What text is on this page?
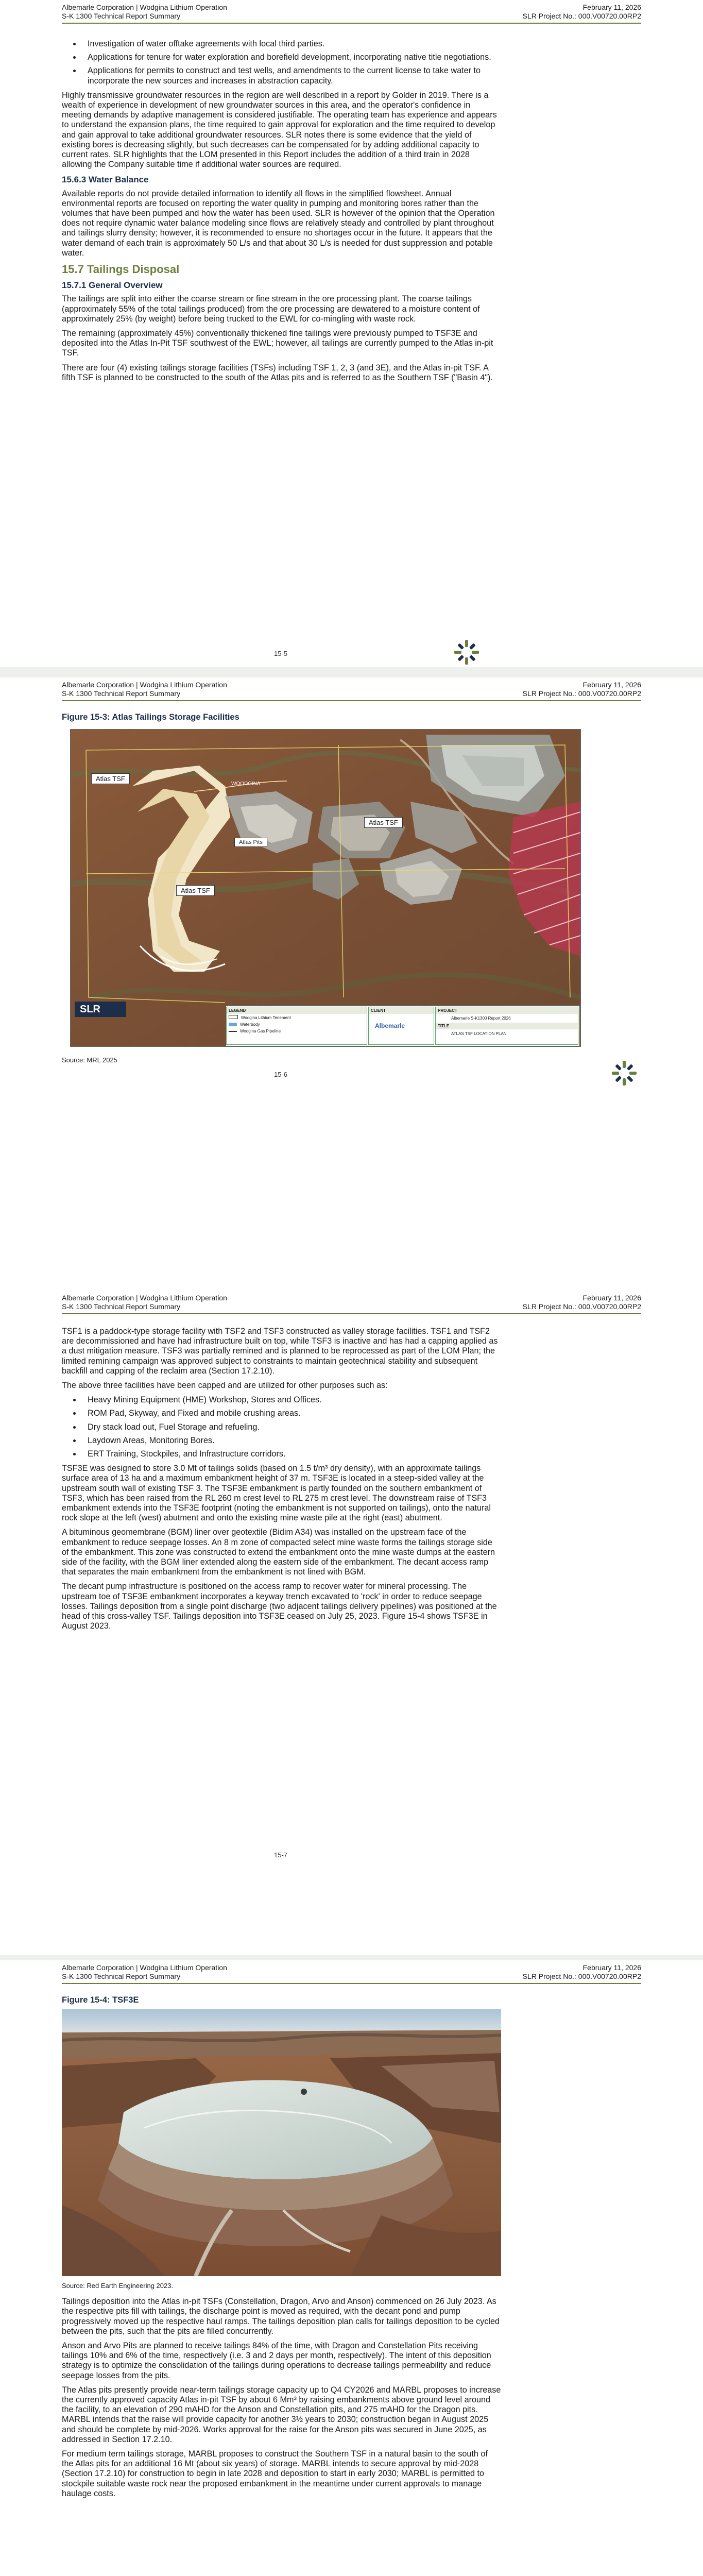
Albemarle Corporation | Wodgina Lithium Operation
S-K 1300 Technical Report Summary
February 11, 2026
SLR Project No.: 000.V00720.00RP2
• Investigation of water offtake agreements with local third parties.
• Applications for tenure for water exploration and borefield development, incorporating native title negotiations.
• Applications for permits to construct and test wells, and amendments to the current license to take water to incorporate the new sources and increases in abstraction capacity.

Highly transmissive groundwater resources in the region are well described in a report by Golder in 2019. There is a wealth of experience in development of new groundwater sources in this area, and the operator's confidence in meeting demands by adaptive management is considered justifiable. The operating team has experience and appears to understand the expansion plans, the time required to gain approval for exploration and the time required to develop and gain approval to take additional groundwater resources. SLR notes there is some evidence that the yield of existing bores is decreasing slightly, but such decreases can be compensated for by adding additional capacity to current rates. SLR highlights that the LOM presented in this Report includes the addition of a third train in 2028 allowing the Company suitable time if additional water sources are required.

15.6.3 Water Balance

Available reports do not provide detailed information to identify all flows in the simplified flowsheet. Annual environmental reports are focused on reporting the water quality in pumping and monitoring bores rather than the volumes that have been pumped and how the water has been used. SLR is however of the opinion that the Operation does not require dynamic water balance modeling since flows are relatively steady and controlled by plant throughout and tailings slurry density; however, it is recommended to ensure no shortages occur in the future. It appears that the water demand of each train is approximately 50 L/s and that about 30 L/s is needed for dust suppression and potable water.

15.7 Tailings Disposal
15.7.1 General Overview

The tailings are split into either the coarse stream or fine stream in the ore processing plant. The coarse tailings (approximately 55% of the total tailings produced) from the ore processing are dewatered to a moisture content of approximately 25% (by weight) before being trucked to the EWL for co-mingling with waste rock.

The remaining (approximately 45%) conventionally thickened fine tailings were previously pumped to TSF3E and deposited into the Atlas In-Pit TSF southwest of the EWL; however, all tailings are currently pumped to the Atlas in-pit TSF.

There are four (4) existing tailings storage facilities (TSFs) including TSF 1, 2, 3 (and 3E), and the Atlas in-pit TSF. A fifth TSF is planned to be constructed to the south of the Atlas pits and is referred to as the Southern TSF ("Basin 4").

15-5
Albemarle Corporation | Wodgina Lithium Operation
S-K 1300 Technical Report Summary
February 11, 2026
SLR Project No.: 000.V00720.00RP2
Figure 15-3: Atlas Tailings Storage Facilities
Atlas TSF
Atlas TSF
Atlas Pits
Atlas TSF
WOODGINA
SLR	LEGEND
Wodgina Lithium Tenement
Waterbody
Wodgina Gas Pipeline
CLIENT
Albemarle
PROJECT
Albemarle S-K1300 Report 2026
TITLE
ATLAS TSF LOCATION PLAN
Source: MRL 2025
15-6
Albemarle Corporation | Wodgina Lithium Operation
S-K 1300 Technical Report Summary
February 11, 2026
SLR Project No.: 000.V00720.00RP2

TSF1 is a paddock-type storage facility with TSF2 and TSF3 constructed as valley storage facilities. TSF1 and TSF2 are decommissioned and have had infrastructure built on top, while TSF3 is inactive and has had a capping applied as a dust mitigation measure. TSF3 was partially remined and is planned to be reprocessed as part of the LOM Plan; the limited remining campaign was approved subject to constraints to maintain geotechnical stability and subsequent backfill and capping of the reclaim area (Section 17.2.10).

The above three facilities have been capped and are utilized for other purposes such as:

• Heavy Mining Equipment (HME) Workshop, Stores and Offices.
• ROM Pad, Skyway, and Fixed and mobile crushing areas.
• Dry stack load out, Fuel Storage and refueling.
• Laydown Areas, Monitoring Bores.
• ERT Training, Stockpiles, and Infrastructure corridors.

TSF3E was designed to store 3.0 Mt of tailings solids (based on 1.5 t/m³ dry density), with an approximate tailings surface area of 13 ha and a maximum embankment height of 37 m. TSF3E is located in a steep-sided valley at the upstream south wall of existing TSF 3. The TSF3E embankment is partly founded on the southern embankment of TSF3, which has been raised from the RL 260 m crest level to RL 275 m crest level. The downstream raise of TSF3 embankment extends into the TSF3E footprint (noting the embankment is not supported on tailings), onto the natural rock slope at the left (west) abutment and onto the existing mine waste pile at the right (east) abutment.

A bituminous geomembrane (BGM) liner over geotextile (Bidim A34) was installed on the upstream face of the embankment to reduce seepage losses. An 8 m zone of compacted select mine waste forms the tailings storage side of the embankment. This zone was constructed to extend the embankment onto the mine waste dumps at the eastern side of the facility, with the BGM liner extended along the eastern side of the embankment. The decant access ramp that separates the main embankment from the embankment is not lined with BGM.

The decant pump infrastructure is positioned on the access ramp to recover water for mineral processing. The upstream toe of TSF3E embankment incorporates a keyway trench excavated to 'rock' in order to reduce seepage losses. Tailings deposition from a single point discharge (two adjacent tailings delivery pipelines) was positioned at the head of this cross-valley TSF. Tailings deposition into TSF3E ceased on July 25, 2023. Figure 15-4 shows TSF3E in August 2023.

15-7
Albemarle Corporation | Wodgina Lithium Operation
S-K 1300 Technical Report Summary
February 11, 2026
SLR Project No.: 000.V00720.00RP2
Figure 15-4: TSF3E
Source: Red Earth Engineering 2023.

Tailings deposition into the Atlas in-pit TSFs (Constellation, Dragon, Arvo and Anson) commenced on 26 July 2023. As the respective pits fill with tailings, the discharge point is moved as required, with the decant pond and pump progressively moved up the respective haul ramps. The tailings deposition plan calls for tailings deposition to be cycled between the pits, such that the pits are filled concurrently.

Anson and Arvo Pits are planned to receive tailings 84% of the time, with Dragon and Constellation Pits receiving tailings 10% and 6% of the time, respectively (i.e. 3 and 2 days per month, respectively). The intent of this deposition strategy is to optimize the consolidation of the tailings during operations to decrease tailings permeability and reduce seepage losses from the pits.

The Atlas pits presently provide near-term tailings storage capacity up to Q4 CY2026 and MARBL proposes to increase the currently approved capacity Atlas in-pit TSF by about 6 Mm³ by raising embankments above ground level around the facility, to an elevation of 290 mAHD for the Anson and Constellation pits, and 275 mAHD for the Dragon pits. MARBL intends that the raise will provide capacity for another 3½ years to 2030; construction began in August 2025 and should be complete by mid-2026. Works approval for the raise for the Anson pits was secured in June 2025, as addressed in Section 17.2.10.

For medium term tailings storage, MARBL proposes to construct the Southern TSF in a natural basin to the south of the Atlas pits for an additional 16 Mt (about six years) of storage. MARBL intends to secure approval by mid-2028 (Section 17.2.10) for construction to begin in late 2028 and deposition to start in early 2030; MARBL is permitted to stockpile suitable waste rock near the proposed embankment in the meantime under current approvals to manage haulage costs.
